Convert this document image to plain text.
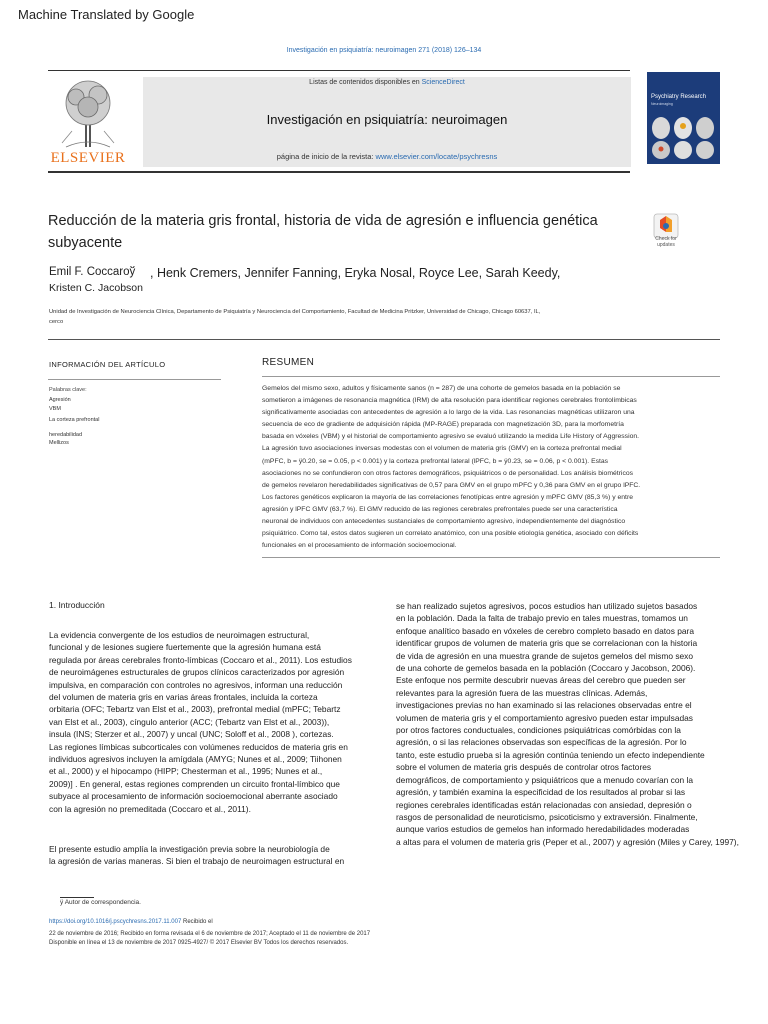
Machine Translated by Google
Investigación en psiquiatría: neuroimagen 271 (2018) 126–134
ELSEVIER
Listas de contenidos disponibles en ScienceDirect
Investigación en psiquiatría: neuroimagen
página de inicio de la revista: www.elsevier.com/locate/psychresns
Psychiatry Research
Neuroimaging
Reducción de la materia gris frontal, historia de vida de agresión e influencia genética subyacente	Check for updates
Emil F. Coccaroў , Henk Cremers, Jennifer Fanning, Eryka Nosal, Royce Lee, Sarah Keedy,
Kristen C. Jacobson
Unidad de Investigación de Neurociencia Clínica, Departamento de Psiquiatría y Neurociencia del Comportamiento, Facultad de Medicina Pritzker, Universidad de Chicago, Chicago 60637, IL,
cerco
INFORMACIÓN DEL ARTÍCULO
Palabras clave:
Agresión
VBM
La corteza prefrontal
heredabilidad
Mellizos
RESUMEN
Gemelos del mismo sexo, adultos y físicamente sanos (n = 287) de una cohorte de gemelos basada en la población se
sometieron a imágenes de resonancia magnética (IRM) de alta resolución para identificar regiones cerebrales frontolímbicas
significativamente asociadas con antecedentes de agresión a lo largo de la vida. Las resonancias magnéticas utilizaron una
secuencia de eco de gradiente de adquisición rápida (MP-RAGE) preparada con magnetización 3D, para la morfometría
basada en vóxeles (VBM) y el historial de comportamiento agresivo se evaluó utilizando la medida Life History of Aggression.
La agresión tuvo asociaciones inversas modestas con el volumen de materia gris (GMV) en la corteza prefrontal medial
(mPFC, b = ÿ0.20, se = 0.05, p < 0.001) y la corteza prefrontal lateral (lPFC, b = ÿ0.23, se = 0.06, p < 0.001). Estas
asociaciones no se confundieron con otros factores demográficos, psiquiátricos o de personalidad. Los análisis biométricos
de gemelos revelaron heredabilidades significativas de 0,57 para GMV en el grupo mPFC y 0,36 para GMV en el grupo lPFC.
Los factores genéticos explicaron la mayoría de las correlaciones fenotípicas entre agresión y mPFC GMV (85,3 %) y entre
agresión y lPFC GMV (63,7 %). El GMV reducido de las regiones cerebrales prefrontales puede ser una característica
neuronal de individuos con antecedentes sustanciales de comportamiento agresivo, independientemente del diagnóstico
psiquiátrico. Como tal, estos datos sugieren un correlato anatómico, con una posible etiología genética, asociado con déficits
funcionales en el procesamiento de información socioemocional.
1. Introducción
La evidencia convergente de los estudios de neuroimagen estructural,
funcional y de lesiones sugiere fuertemente que la agresión humana está
regulada por áreas cerebrales fronto-límbicas (Coccaro et al., 2011). Los estudios
de neuroimágenes estructurales de grupos clínicos caracterizados por agresión
impulsiva, en comparación con controles no agresivos, informan una reducción
del volumen de materia gris en varias áreas frontales, incluida la corteza
orbitaria (OFC; Tebartz van Elst et al., 2003), prefrontal medial (mPFC; Tebartz
van Elst et al., 2003), cíngulo anterior (ACC; (Tebartz van Elst et al., 2003)),
insula (INS; Sterzer et al., 2007) y uncal (UNC; Soloff et al., 2008 ), cortezas.
Las regiones límbicas subcorticales con volúmenes reducidos de materia gris en
individuos agresivos incluyen la amígdala (AMYG; Nunes et al., 2009; Tiihonen
et al., 2000) y el hipocampo (HIPP; Chesterman et al., 1995; Nunes et al.,
2009)] . En general, estas regiones comprenden un circuito frontal-límbico que
subyace al procesamiento de información socioemocional aberrante asociado
con la agresión no premeditada (Coccaro et al., 2011).
El presente estudio amplía la investigación previa sobre la neurobiología de
la agresión de varias maneras. Si bien el trabajo de neuroimagen estructural en
se han realizado sujetos agresivos, pocos estudios han utilizado sujetos basados
en la población. Dada la falta de trabajo previo en tales muestras, tomamos un
enfoque analítico basado en vóxeles de cerebro completo basado en datos para
identificar grupos de volumen de materia gris que se correlacionan con la historia
de vida de agresión en una muestra grande de sujetos gemelos del mismo sexo
de una cohorte de gemelos basada en la población (Coccaro y Jacobson, 2006).
Este enfoque nos permite descubrir nuevas áreas del cerebro que pueden ser
relevantes para la agresión fuera de las muestras clínicas. Además,
investigaciones previas no han examinado si las relaciones observadas entre el
volumen de materia gris y el comportamiento agresivo pueden estar impulsadas
por otros factores conductuales, condiciones psiquiátricas comórbidas con la
agresión, o si las relaciones observadas son específicas de la agresión. Por lo
tanto, este estudio prueba si la agresión continúa teniendo un efecto independiente
sobre el volumen de materia gris después de controlar otros factores
demográficos, de comportamiento y psiquiátricos que a menudo covarían con la
agresión, y también examina la especificidad de los resultados al probar si las
regiones cerebrales identificadas están relacionadas con ansiedad, depresión o
rasgos de personalidad de neuroticismo, psicoticismo y extraversión. Finalmente,
aunque varios estudios de gemelos han informado heredabilidades moderadas
a altas para el volumen de materia gris (Peper et al., 2007) y agresión (Miles y Carey, 1997),
ÿ Autor de correspondencia.
https://doi.org/10.1016/j.pscychresns.2017.11.007 Recibido el
22 de noviembre de 2016; Recibido en forma revisada el 6 de noviembre de 2017; Aceptado el 11 de noviembre de 2017
Disponible en línea el 13 de noviembre de 2017 0925-4927/ © 2017 Elsevier BV Todos los derechos reservados.
